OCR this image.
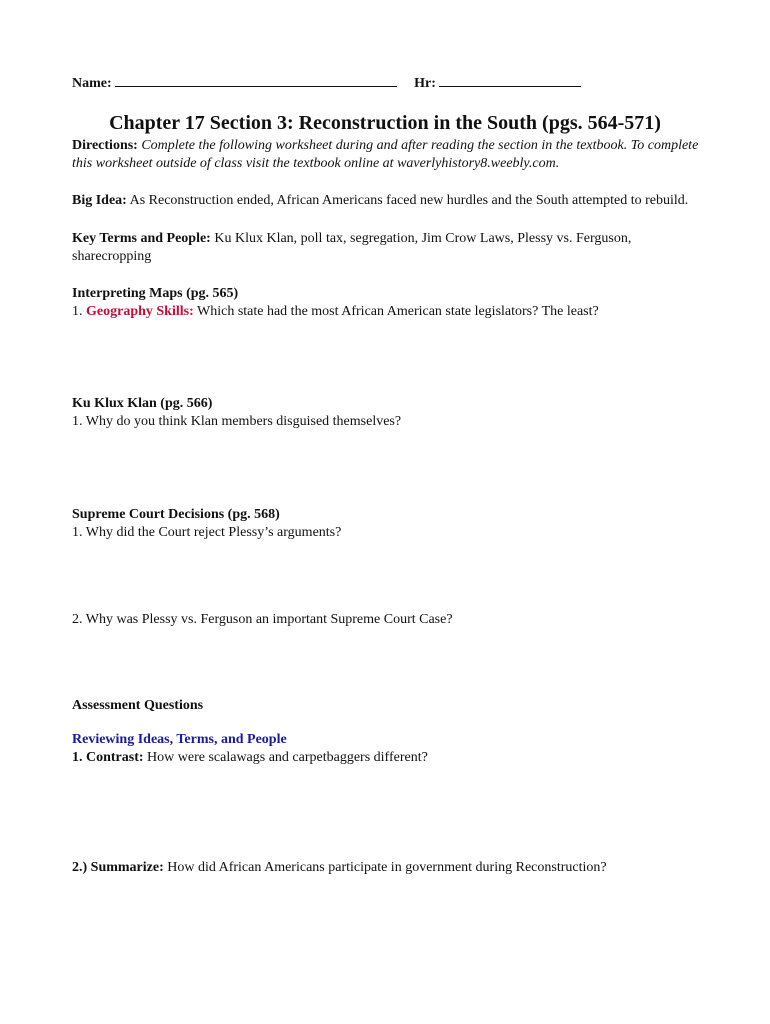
Name:	Hr:
Chapter 17 Section 3: Reconstruction in the South (pgs. 564-571)
Directions: Complete the following worksheet during and after reading the section in the textbook. To complete this worksheet outside of class visit the textbook online at waverlyhistory8.weebly.com.
Big Idea: As Reconstruction ended, African Americans faced new hurdles and the South attempted to rebuild.
Key Terms and People: Ku Klux Klan, poll tax, segregation, Jim Crow Laws, Plessy vs. Ferguson, sharecropping
Interpreting Maps (pg. 565)
1. Geography Skills: Which state had the most African American state legislators? The least?
Ku Klux Klan (pg. 566)
1. Why do you think Klan members disguised themselves?
Supreme Court Decisions (pg. 568)
1. Why did the Court reject Plessy’s arguments?
2. Why was Plessy vs. Ferguson an important Supreme Court Case?
Assessment Questions
Reviewing Ideas, Terms, and People
1. Contrast: How were scalawags and carpetbaggers different?
2.) Summarize: How did African Americans participate in government during Reconstruction?
